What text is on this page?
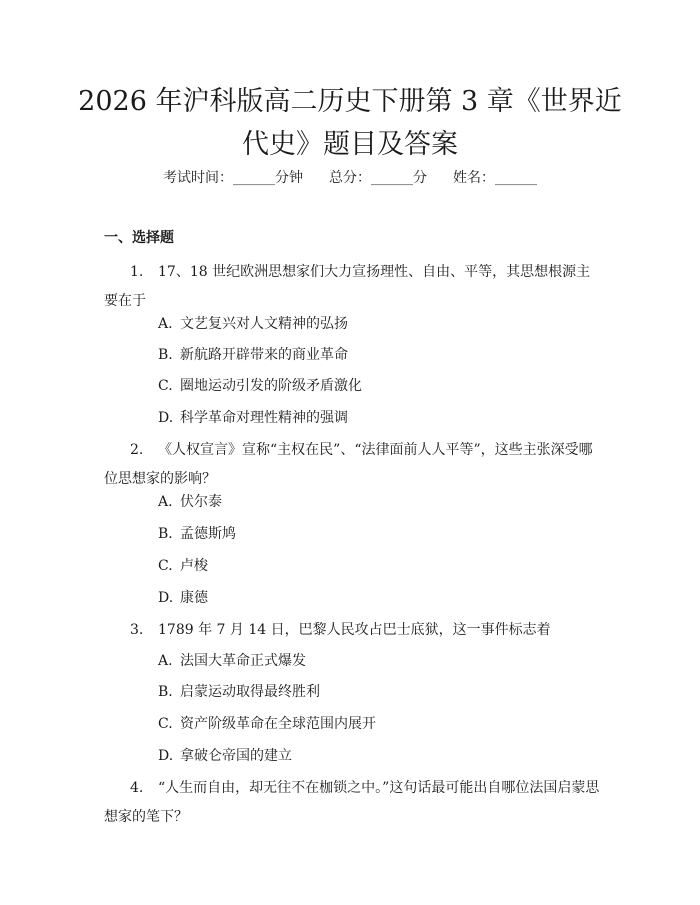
2026 年沪科版高二历史下册第 3 章《世界近
代史》题目及答案
考试时间：______分钟 总分：______分 姓名：______
一、选择题
1. 17、18 世纪欧洲思想家们大力宣扬理性、自由、平等，其思想根源主要在于
A. 文艺复兴对人文精神的弘扬
B. 新航路开辟带来的商业革命
C. 圈地运动引发的阶级矛盾激化
D. 科学革命对理性精神的强调
2. 《人权宣言》宣称“主权在民”、“法律面前人人平等”，这些主张深受哪位思想家的影响？
A. 伏尔泰
B. 孟德斯鸠
C. 卢梭
D. 康德
3. 1789 年 7 月 14 日，巴黎人民攻占巴士底狱，这一事件标志着
A. 法国大革命正式爆发
B. 启蒙运动取得最终胜利
C. 资产阶级革命在全球范围内展开
D. 拿破仑帝国的建立
4. “人生而自由，却无往不在枷锁之中。”这句话最可能出自哪位法国启蒙思想家的笔下？
